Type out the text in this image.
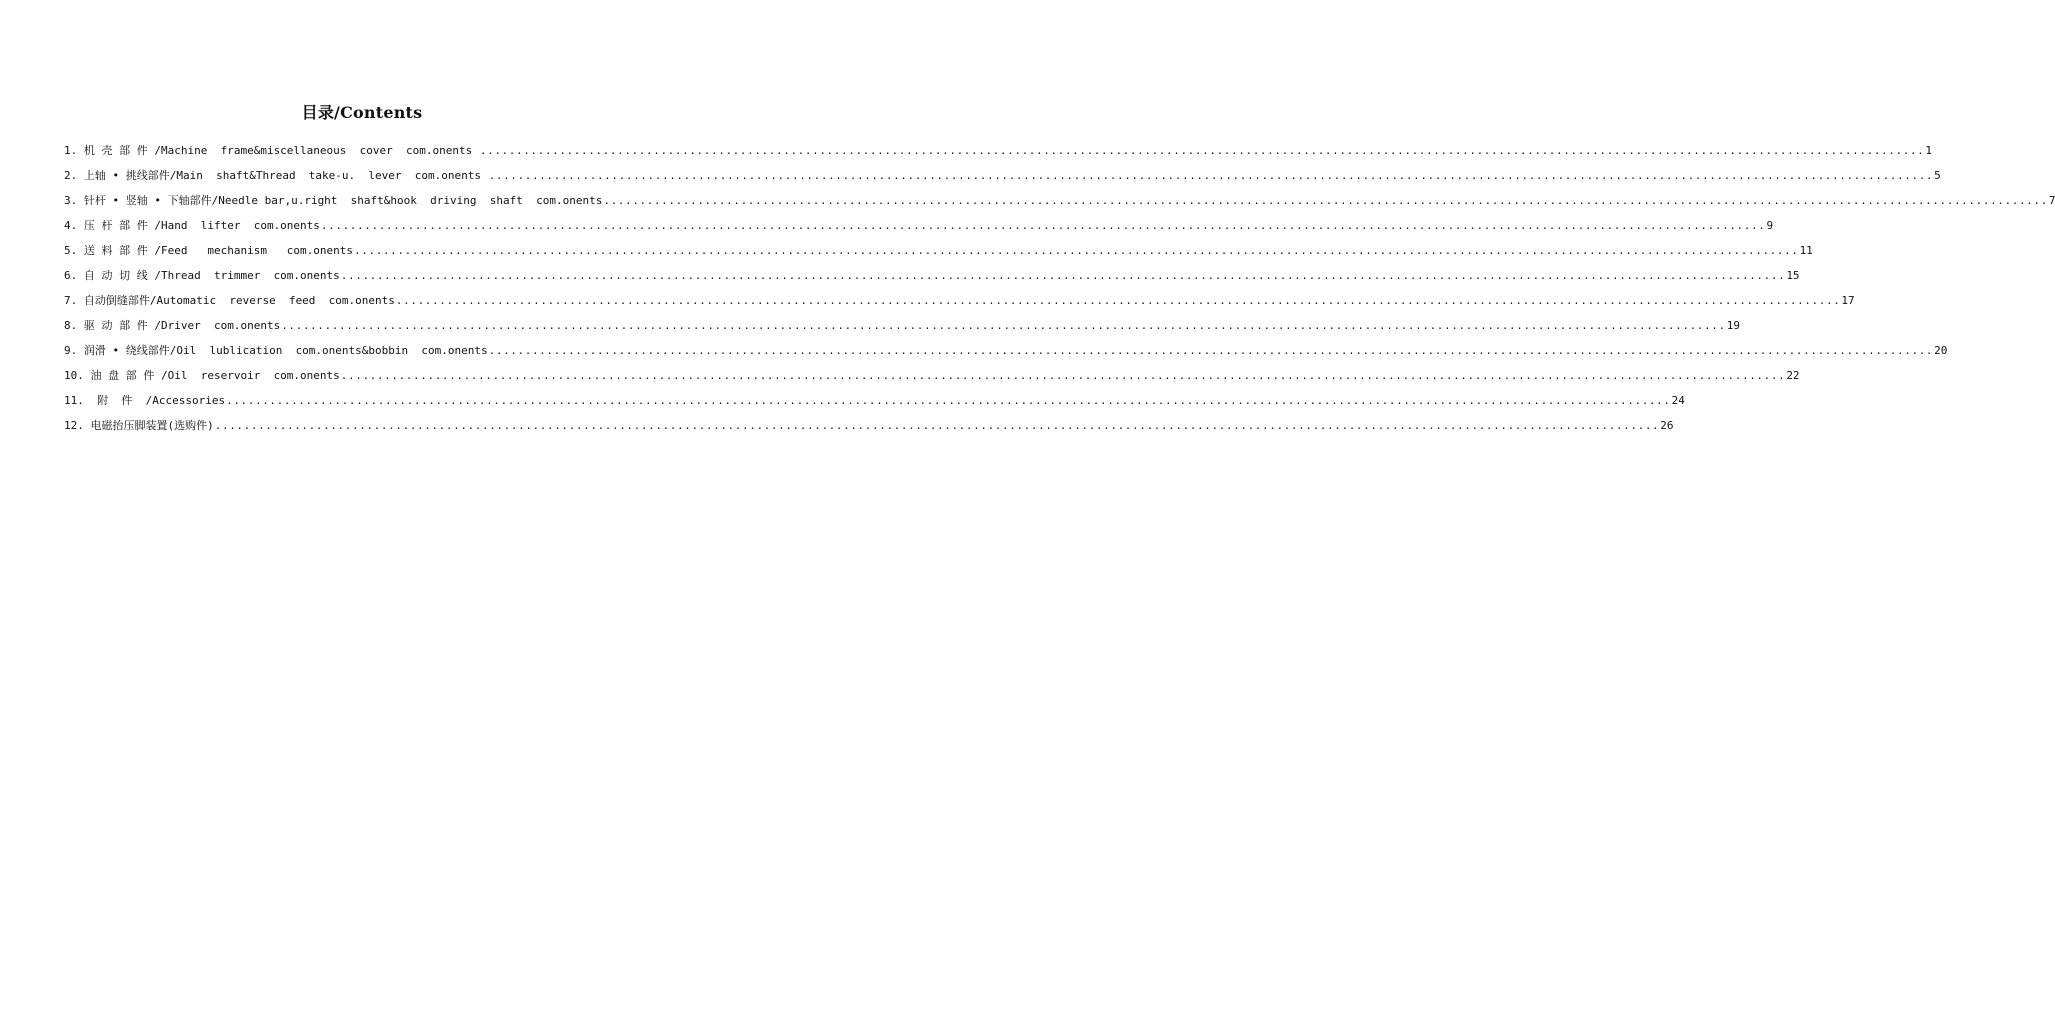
目录/Contents
1. 机 壳 部 件 /Machine  frame&miscellaneous  cover  com.onents ........................................................................................................................................................................................................ 1
2. 上轴 • 挑线部件/Main  shaft&Thread  take-u.  lever  com.onents ........................................................................................................................................................................................................ 5
3. 针杆 • 竖轴 • 下轴部件/Needle bar,u.right  shaft&hook  driving  shaft  com.onents ........................................................................................................................................................................................................ 7
4. 压 杆 部 件 /Hand  lifter  com.onents ........................................................................................................................................................................................................ 9
5. 送 料 部 件 /Feed   mechanism   com.onents ........................................................................................................................................................................................................ 11
6. 自 动 切 线 /Thread  trimmer  com.onents ........................................................................................................................................................................................................ 15
7. 自动倒缝部件/Automatic  reverse  feed  com.onents ........................................................................................................................................................................................................ 17
8. 驱 动 部 件 /Driver  com.onents ........................................................................................................................................................................................................ 19
9. 润滑 • 绕线部件/Oil  lublication  com.onents&bobbin  com.onents ........................................................................................................................................................................................................ 20
10. 油 盘 部 件 /Oil  reservoir  com.onents ........................................................................................................................................................................................................ 22
11.  附  件  /Accessories ........................................................................................................................................................................................................ 24
12. 电磁抬压脚装置(选购件) ........................................................................................................................................................................................................ 26
